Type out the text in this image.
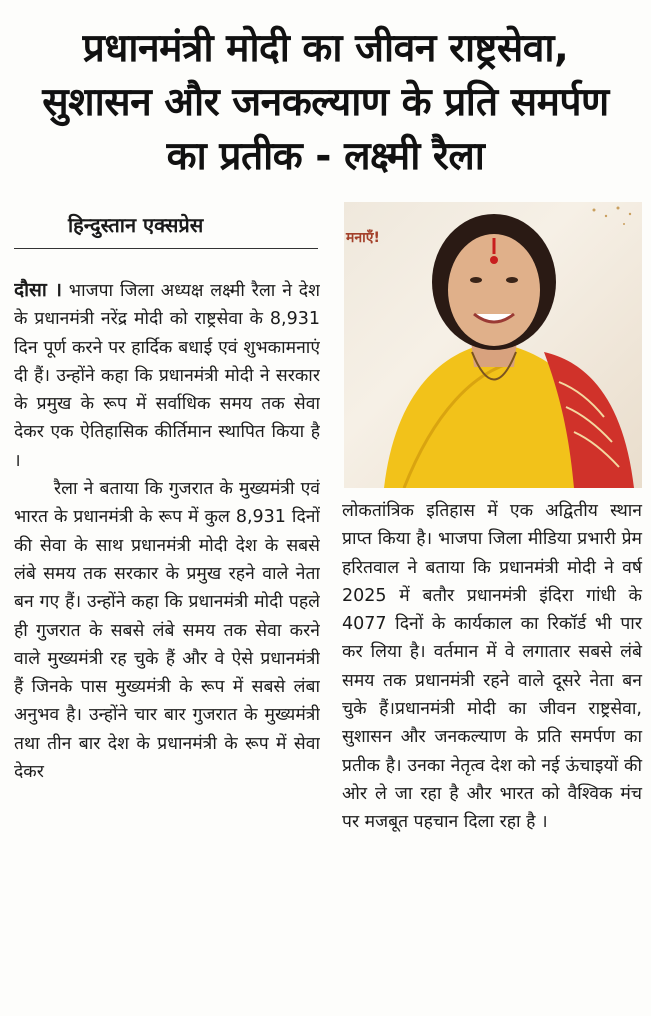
प्रधानमंत्री मोदी का जीवन राष्ट्रसेवा,
सुशासन और जनकल्याण के प्रति समर्पण
का प्रतीक - लक्ष्मी रैला
हिन्दुस्तान एक्सप्रेस
मनाएँ!

दौसा । भाजपा जिला अध्यक्ष लक्ष्मी रैला ने देश के प्रधानमंत्री नरेंद्र मोदी को राष्ट्रसेवा के 8,931 दिन पूर्ण करने पर हार्दिक बधाई एवं शुभकामनाएं दी हैं। उन्होंने कहा कि प्रधानमंत्री मोदी ने सरकार के प्रमुख के रूप में सर्वाधिक समय तक सेवा देकर एक ऐतिहासिक कीर्तिमान स्थापित किया है ।

रैला ने बताया कि गुजरात के मुख्यमंत्री एवं भारत के प्रधानमंत्री के रूप में कुल 8,931 दिनों की सेवा के साथ प्रधानमंत्री मोदी देश के सबसे लंबे समय तक सरकार के प्रमुख रहने वाले नेता बन गए हैं। उन्होंने कहा कि प्रधानमंत्री मोदी पहले ही गुजरात के सबसे लंबे समय तक सेवा करने वाले मुख्यमंत्री रह चुके हैं और वे ऐसे प्रधानमंत्री हैं जिनके पास मुख्यमंत्री के रूप में सबसे लंबा अनुभव है। उन्होंने चार बार गुजरात के मुख्यमंत्री तथा तीन बार देश के प्रधानमंत्री के रूप में सेवा देकर

लोकतांत्रिक इतिहास में एक अद्वितीय स्थान प्राप्त किया है। भाजपा जिला मीडिया प्रभारी प्रेम हरितवाल ने बताया कि प्रधानमंत्री मोदी ने वर्ष 2025 में बतौर प्रधानमंत्री इंदिरा गांधी के 4077 दिनों के कार्यकाल का रिकॉर्ड भी पार कर लिया है। वर्तमान में वे लगातार सबसे लंबे समय तक प्रधानमंत्री रहने वाले दूसरे नेता बन चुके हैं।प्रधानमंत्री मोदी का जीवन राष्ट्रसेवा, सुशासन और जनकल्याण के प्रति समर्पण का प्रतीक है। उनका नेतृत्व देश को नई ऊंचाइयों की ओर ले जा रहा है और भारत को वैश्विक मंच पर मजबूत पहचान दिला रहा है ।
